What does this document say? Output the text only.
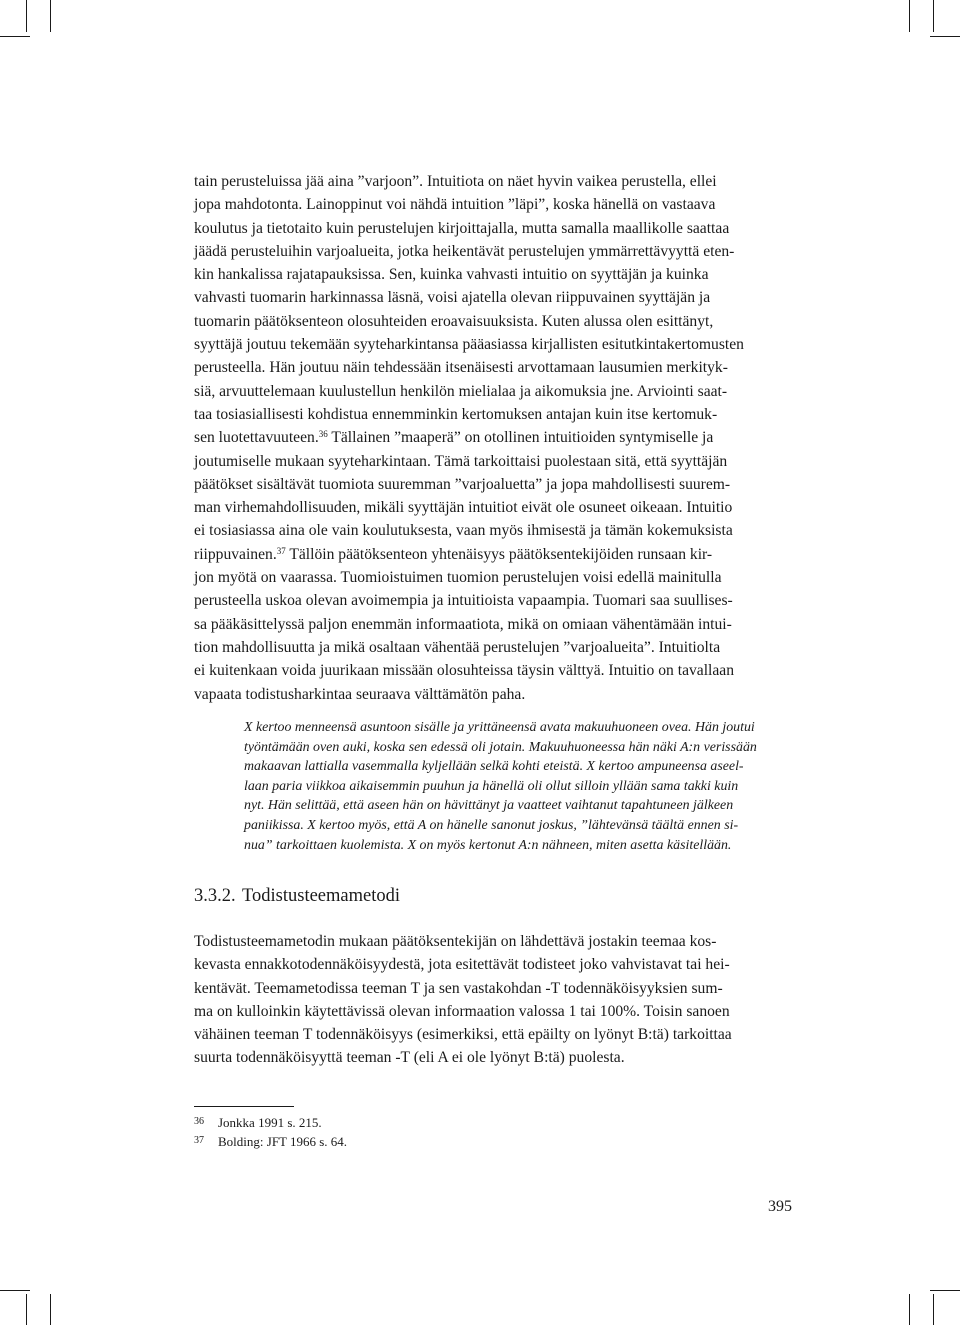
tain perusteluissa jää aina ”varjoon”. Intuitiota on näet hyvin vaikea perustella, ellei
jopa mahdotonta. Lainoppinut voi nähdä intuition ”läpi”, koska hänellä on vastaava
koulutus ja tietotaito kuin perustelujen kirjoittajalla, mutta samalla maallikolle saattaa
jäädä perusteluihin varjoalueita, jotka heikentävät perustelujen ymmärrettävyyttä eten-
kin hankalissa rajatapauksissa. Sen, kuinka vahvasti intuitio on syyttäjän ja kuinka
vahvasti tuomarin harkinnassa läsnä, voisi ajatella olevan riippuvainen syyttäjän ja
tuomarin päätöksenteon olosuhteiden eroavaisuuksista. Kuten alussa olen esittänyt,
syyttäjä joutuu tekemään syyteharkintansa pääasiassa kirjallisten esitutkintakertomusten
perusteella. Hän joutuu näin tehdessään itsenäisesti arvottamaan lausumien merkityk-
siä, arvuuttelemaan kuulustellun henkilön mielialaa ja aikomuksia jne. Arviointi saat-
taa tosiasiallisesti kohdistua ennemminkin kertomuksen antajan kuin itse kertomuk-
sen luotettavuuteen.$^{36}$ Tällainen ”maaperä” on otollinen intuitioiden syntymiselle ja
joutumiselle mukaan syyteharkintaan. Tämä tarkoittaisi puolestaan sitä, että syyttäjän
päätökset sisältävät tuomiota suuremman ”varjoaluetta” ja jopa mahdollisesti suurem-
man virhemahdollisuuden, mikäli syyttäjän intuitiot eivät ole osuneet oikeaan. Intuitio
ei tosiasiassa aina ole vain koulutuksesta, vaan myös ihmisestä ja tämän kokemuksista
riippuvainen.$^{37}$ Tällöin päätöksenteon yhtenäisyys päätöksentekijöiden runsaan kir-
jon myötä on vaarassa. Tuomioistuimen tuomion perustelujen voisi edellä mainitulla
perusteella uskoa olevan avoimempia ja intuitioista vapaampia. Tuomari saa suullises-
sa pääkäsittelyssä paljon enemmän informaatiota, mikä on omiaan vähentämään intui-
tion mahdollisuutta ja mikä osaltaan vähentää perustelujen ”varjoalueita”. Intuitiolta
ei kuitenkaan voida juurikaan missään olosuhteissa täysin välttyä. Intuitio on tavallaan
vapaata todistusharkintaa seuraava välttämätön paha.
X kertoo menneensä asuntoon sisälle ja yrittäneensä avata makuuhuoneen ovea. Hän joutui
työntämään oven auki, koska sen edessä oli jotain. Makuuhuoneessa hän näki A:n verissään
makaavan lattialla vasemmalla kyljellään selkä kohti eteistä. X kertoo ampuneensa aseel-
laan paria viikkoa aikaisemmin puuhun ja hänellä oli ollut silloin yllään sama takki kuin
nyt. Hän selittää, että aseen hän on hävittänyt ja vaatteet vaihtanut tapahtuneen jälkeen
paniikissa. X kertoo myös, että A on hänelle sanonut joskus, ”lähtevänsä täältä ennen si-
nua” tarkoittaen kuolemista. X on myös kertonut A:n nähneen, miten asetta käsitellään.
3.3.2. Todistusteemametodi
Todistusteemametodin mukaan päätöksentekijän on lähdettävä jostakin teemaa kos-
kevasta ennakkotodennäköisyydestä, jota esitettävät todisteet joko vahvistavat tai hei-
kentävät. Teemametodissa teeman T ja sen vastakohdan -T todennäköisyyksien sum-
ma on kulloinkin käytettävissä olevan informaation valossa 1 tai 100%. Toisin sanoen
vähäinen teeman T todennäköisyys (esimerkiksi, että epäilty on lyönyt B:tä) tarkoittaa
suurta todennäköisyyttä teeman -T (eli A ei ole lyönyt B:tä) puolesta.
36 Jonkka 1991 s. 215.
37 Bolding: JFT 1966 s. 64.
395
